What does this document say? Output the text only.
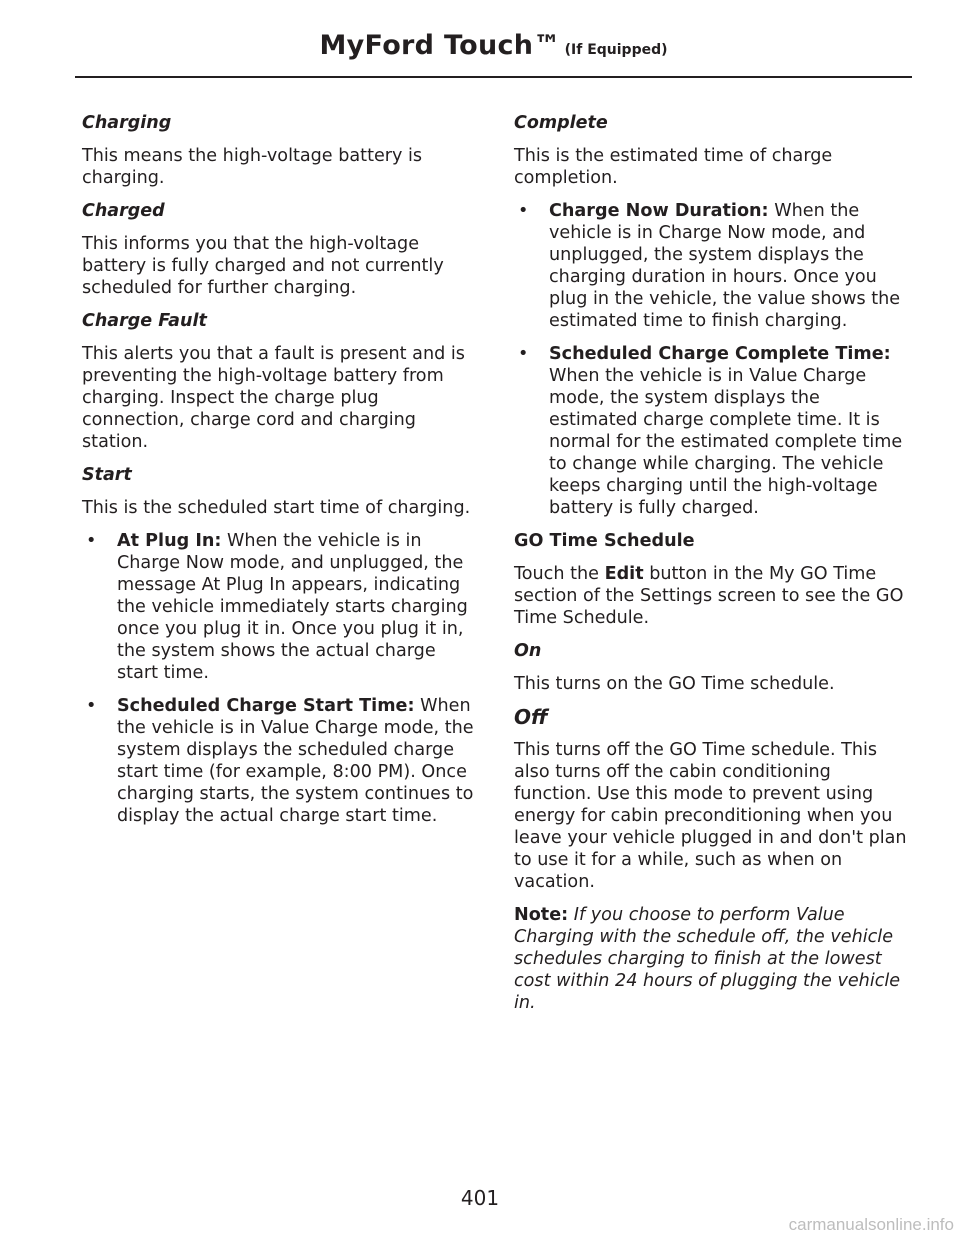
MyFord Touch™ (If Equipped)
Charging

This means the high-voltage battery is charging.

Charged

This informs you that the high-voltage battery is fully charged and not currently scheduled for further charging.

Charge Fault

This alerts you that a fault is present and is preventing the high-voltage battery from charging. Inspect the charge plug connection, charge cord and charging station.

Start

This is the scheduled start time of charging.

• At Plug In: When the vehicle is in Charge Now mode, and unplugged, the message At Plug In appears, indicating the vehicle immediately starts charging once you plug it in. Once you plug it in, the system shows the actual charge start time.
• Scheduled Charge Start Time: When the vehicle is in Value Charge mode, the system displays the scheduled charge start time (for example, 8:00 PM). Once charging starts, the system continues to display the actual charge start time.
Complete

This is the estimated time of charge completion.

• Charge Now Duration: When the vehicle is in Charge Now mode, and unplugged, the system displays the charging duration in hours. Once you plug in the vehicle, the value shows the estimated time to finish charging.
• Scheduled Charge Complete Time: When the vehicle is in Value Charge mode, the system displays the estimated charge complete time. It is normal for the estimated complete time to change while charging. The vehicle keeps charging until the high-voltage battery is fully charged.
GO Time Schedule

Touch the Edit button in the My GO Time section of the Settings screen to see the GO Time Schedule.

On

This turns on the GO Time schedule.

Off

This turns off the GO Time schedule. This also turns off the cabin conditioning function. Use this mode to prevent using energy for cabin preconditioning when you leave your vehicle plugged in and don't plan to use it for a while, such as when on vacation.

Note: If you choose to perform Value Charging with the schedule off, the vehicle schedules charging to finish at the lowest cost within 24 hours of plugging the vehicle in.

401
carmanualsonline.info
